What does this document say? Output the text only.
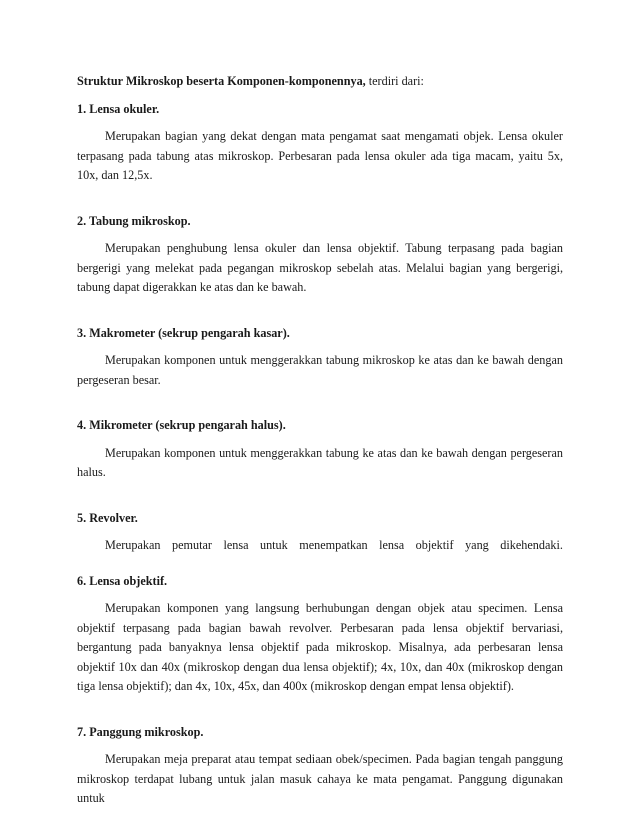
Struktur Mikroskop beserta Komponen-komponennya, terdiri dari:

1. Lensa okuler.

Merupakan bagian yang dekat dengan mata pengamat saat mengamati objek. Lensa okuler terpasang pada tabung atas mikroskop. Perbesaran pada lensa okuler ada tiga macam, yaitu 5x, 10x, dan 12,5x.

2. Tabung mikroskop.

Merupakan penghubung lensa okuler dan lensa objektif. Tabung terpasang pada bagian bergerigi yang melekat pada pegangan mikroskop sebelah atas. Melalui bagian yang bergerigi, tabung dapat digerakkan ke atas dan ke bawah.

3. Makrometer (sekrup pengarah kasar).

Merupakan komponen untuk menggerakkan tabung mikroskop ke atas dan ke bawah dengan pergeseran besar.

4. Mikrometer (sekrup pengarah halus).

Merupakan komponen untuk menggerakkan tabung ke atas dan ke bawah dengan pergeseran halus.

5. Revolver.

Merupakan pemutar lensa untuk menempatkan lensa objektif yang dikehendaki.

6. Lensa objektif.

Merupakan komponen yang langsung berhubungan dengan objek atau specimen. Lensa objektif terpasang pada bagian bawah revolver. Perbesaran pada lensa objektif bervariasi, bergantung pada banyaknya lensa objektif pada mikroskop. Misalnya, ada perbesaran lensa objektif 10x dan 40x (mikroskop dengan dua lensa objektif); 4x, 10x, dan 40x (mikroskop dengan tiga lensa objektif); dan 4x, 10x, 45x, dan 400x (mikroskop dengan empat lensa objektif).

7. Panggung mikroskop.

Merupakan meja preparat atau tempat sediaan obek/specimen. Pada bagian tengah panggung mikroskop terdapat lubang untuk jalan masuk cahaya ke mata pengamat. Panggung digunakan untuk
